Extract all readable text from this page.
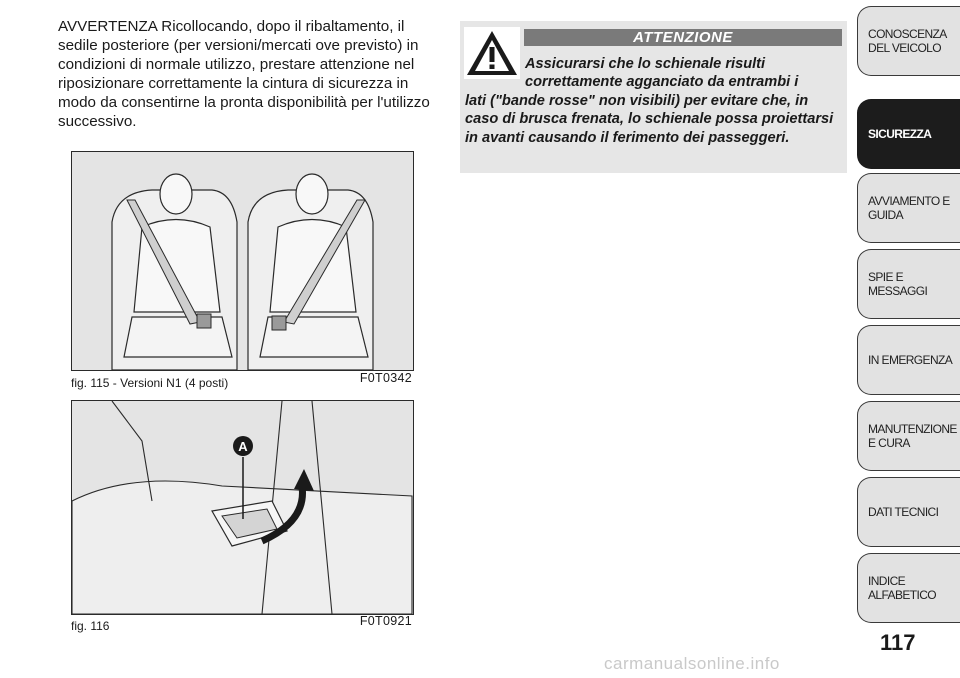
AVVERTENZA Ricollocando, dopo il ribaltamento, il sedile posteriore (per versioni/mercati ove previsto) in condizioni di normale utilizzo, prestare attenzione nel riposizionare correttamente la cintura di sicurezza in modo da consentirne la pronta disponibilità per l'utilizzo successivo.
fig. 115 - Versioni N1 (4 posti)	F0T0342
A
fig. 116	F0T0921
ATTENZIONE
Assicurarsi che lo schienale risulti correttamente agganciato da entrambi i
lati ("bande rosse" non visibili) per evitare che, in caso di brusca frenata, lo schienale possa proiettarsi in avanti causando il ferimento dei passeggeri.
CONOSCENZA DEL VEICOLO
SICUREZZA
AVVIAMENTO E GUIDA
SPIE E MESSAGGI
IN EMERGENZA
MANUTENZIONE E CURA
DATI TECNICI
INDICE ALFABETICO
117
carmanualsonline.info
